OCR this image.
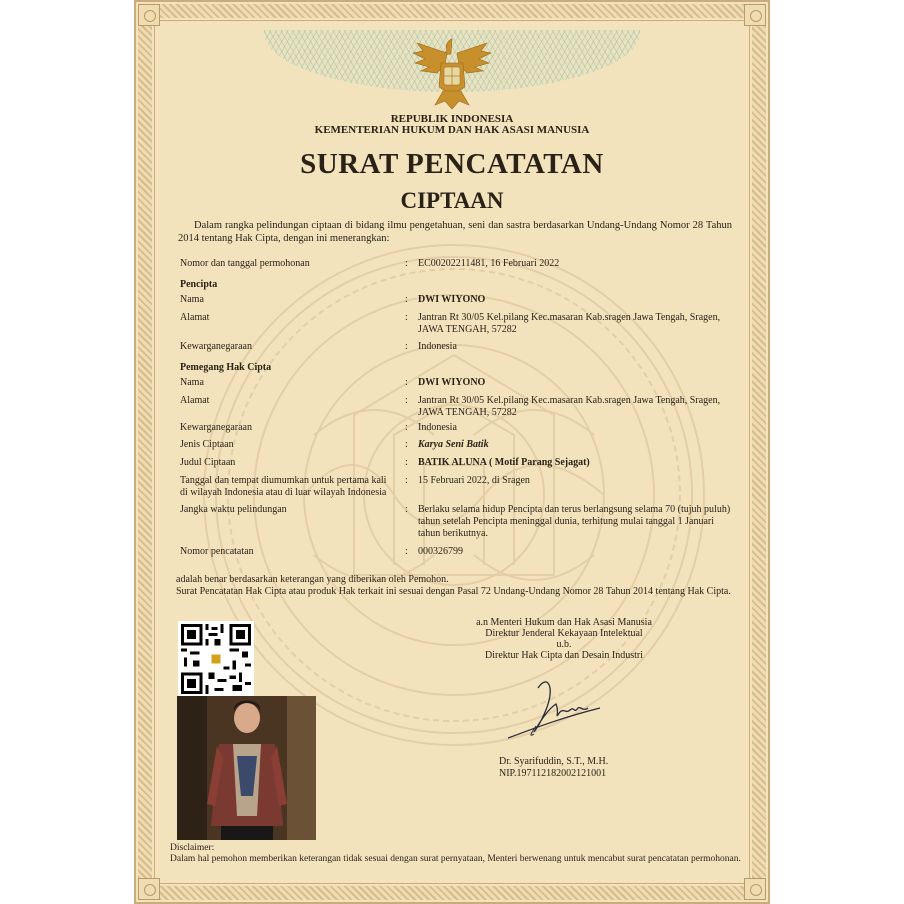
REPUBLIK INDONESIA
KEMENTERIAN HUKUM DAN HAK ASASI MANUSIA
SURAT PENCATATAN
CIPTAAN
Dalam rangka pelindungan ciptaan di bidang ilmu pengetahuan, seni dan sastra berdasarkan Undang-Undang Nomor 28 Tahun 2014 tentang Hak Cipta, dengan ini menerangkan:
Nomor dan tanggal permohonan	: EC00202211481, 16 Februari 2022
Pencipta
Nama	: DWI WIYONO
Alamat	: Jantran Rt 30/05 Kel.pilang Kec.masaran Kab.sragen Jawa Tengah, Sragen, JAWA TENGAH, 57282
Kewarganegaraan	: Indonesia
Pemegang Hak Cipta
Nama	: DWI WIYONO
Alamat	: Jantran Rt 30/05 Kel.pilang Kec.masaran Kab.sragen Jawa Tengah, Sragen, JAWA TENGAH, 57282
Kewarganegaraan	: Indonesia
Jenis Ciptaan	: Karya Seni Batik
Judul Ciptaan	: BATIK ALUNA ( Motif Parang Sejagat)
Tanggal dan tempat diumumkan untuk pertama kali
di wilayah Indonesia atau di luar wilayah Indonesia
: 15 Februari 2022, di Sragen
Jangka waktu pelindungan	: Berlaku selama hidup Pencipta dan terus berlangsung selama 70 (tujuh puluh) tahun setelah Pencipta meninggal dunia, terhitung mulai tanggal 1 Januari tahun berikutnya.
Nomor pencatatan	: 000326799
adalah benar berdasarkan keterangan yang diberikan oleh Pemohon.
Surat Pencatatan Hak Cipta atau produk Hak terkait ini sesuai dengan Pasal 72 Undang-Undang Nomor 28 Tahun 2014 tentang Hak Cipta.
a.n Menteri Hukum dan Hak Asasi Manusia
Direktur Jenderal Kekayaan Intelektual
u.b.
Direktur Hak Cipta dan Desain Industri
Dr. Syarifuddin, S.T., M.H.
NIP.197112182002121001
Disclaimer:
Dalam hal pemohon memberikan keterangan tidak sesuai dengan surat pernyataan, Menteri berwenang untuk mencabut surat pencatatan permohonan.
